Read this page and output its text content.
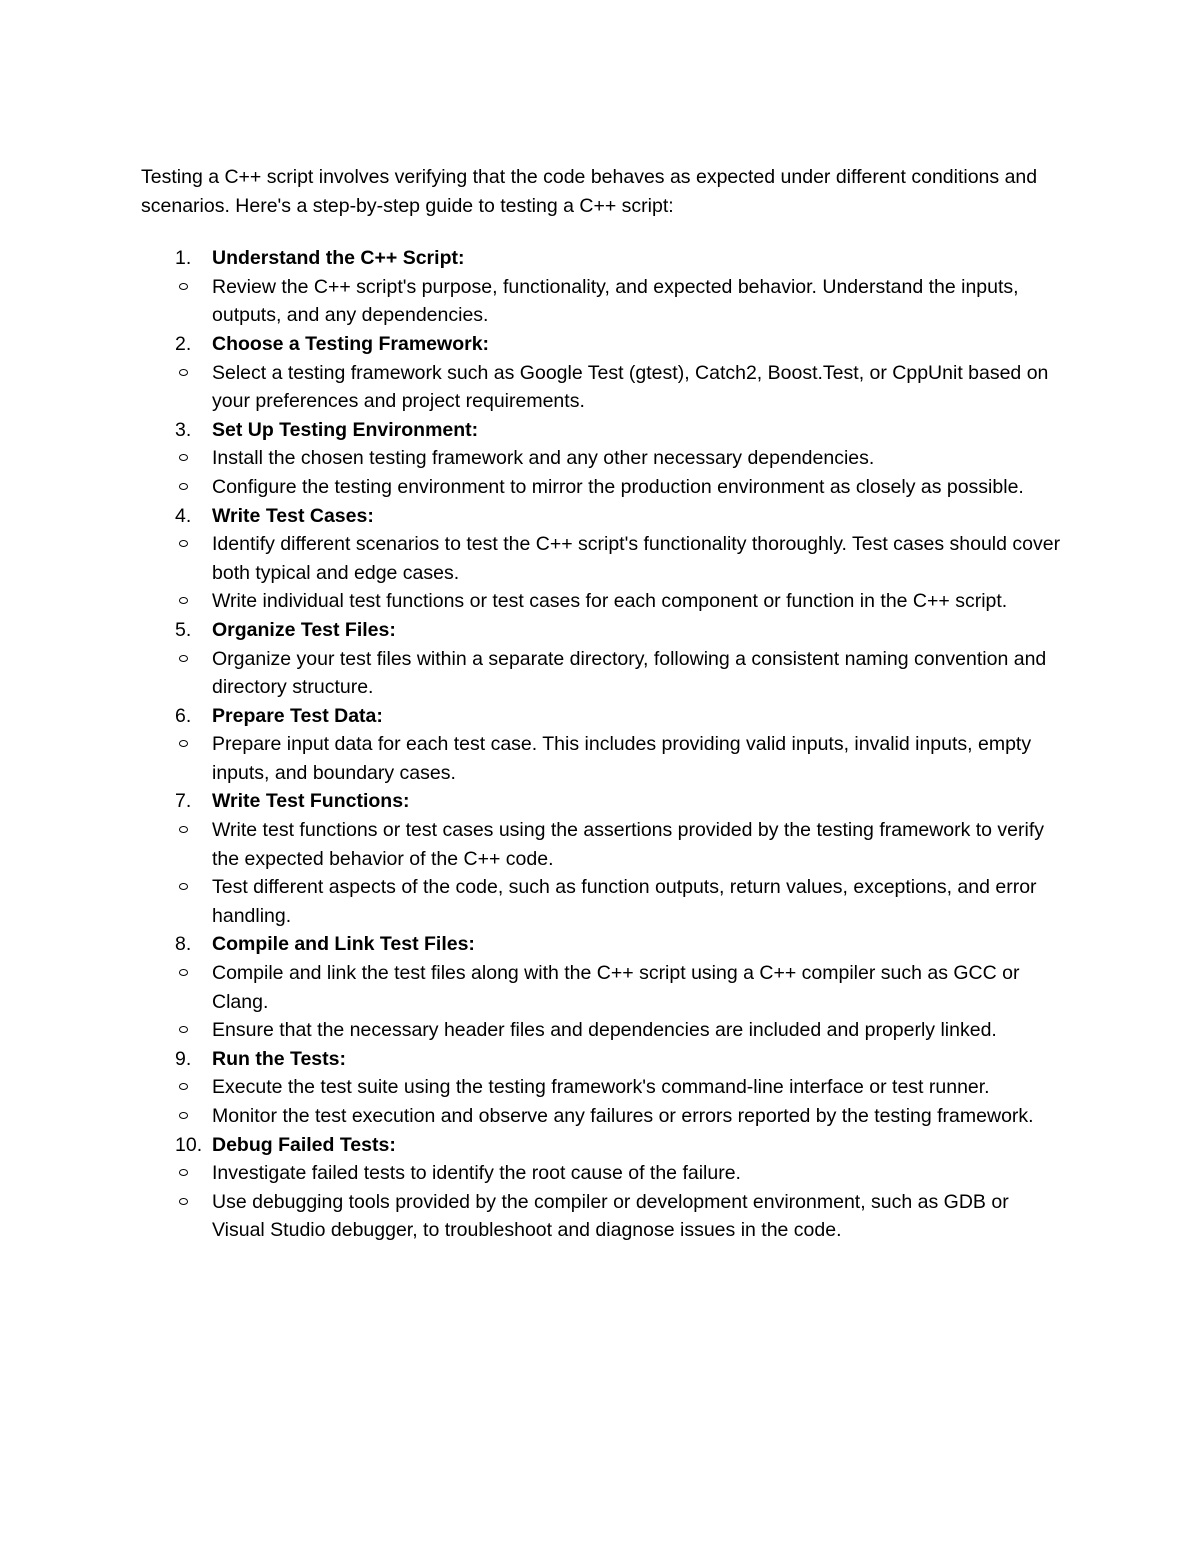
Testing a C++ script involves verifying that the code behaves as expected under different conditions and scenarios. Here's a step-by-step guide to testing a C++ script:

1. Understand the C++ Script:
Review the C++ script's purpose, functionality, and expected behavior. Understand the inputs, outputs, and any dependencies.
2. Choose a Testing Framework:
Select a testing framework such as Google Test (gtest), Catch2, Boost.Test, or CppUnit based on your preferences and project requirements.
3. Set Up Testing Environment:
Install the chosen testing framework and any other necessary dependencies.
Configure the testing environment to mirror the production environment as closely as possible.
4. Write Test Cases:
Identify different scenarios to test the C++ script's functionality thoroughly. Test cases should cover both typical and edge cases.
Write individual test functions or test cases for each component or function in the C++ script.
5. Organize Test Files:
Organize your test files within a separate directory, following a consistent naming convention and directory structure.
6. Prepare Test Data:
Prepare input data for each test case. This includes providing valid inputs, invalid inputs, empty inputs, and boundary cases.
7. Write Test Functions:
Write test functions or test cases using the assertions provided by the testing framework to verify the expected behavior of the C++ code.
Test different aspects of the code, such as function outputs, return values, exceptions, and error handling.
8. Compile and Link Test Files:
Compile and link the test files along with the C++ script using a C++ compiler such as GCC or Clang.
Ensure that the necessary header files and dependencies are included and properly linked.
9. Run the Tests:
Execute the test suite using the testing framework's command-line interface or test runner.
Monitor the test execution and observe any failures or errors reported by the testing framework.
10. Debug Failed Tests:
Investigate failed tests to identify the root cause of the failure.
Use debugging tools provided by the compiler or development environment, such as GDB or Visual Studio debugger, to troubleshoot and diagnose issues in the code.
